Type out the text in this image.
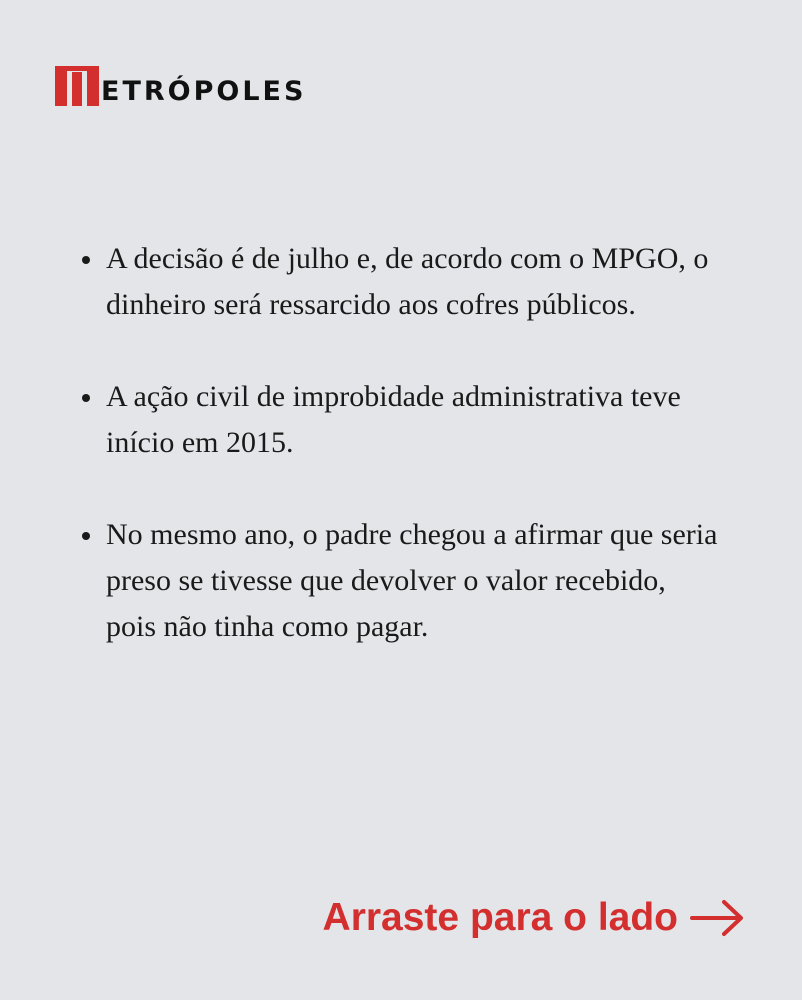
ETRÓPOLES
A decisão é de julho e, de acordo com o MPGO, o dinheiro será ressarcido aos cofres públicos.
A ação civil de improbidade administrativa teve início em 2015.
No mesmo ano, o padre chegou a afirmar que seria preso se tivesse que devolver o valor recebido, pois não tinha como pagar.
Arraste para o lado
